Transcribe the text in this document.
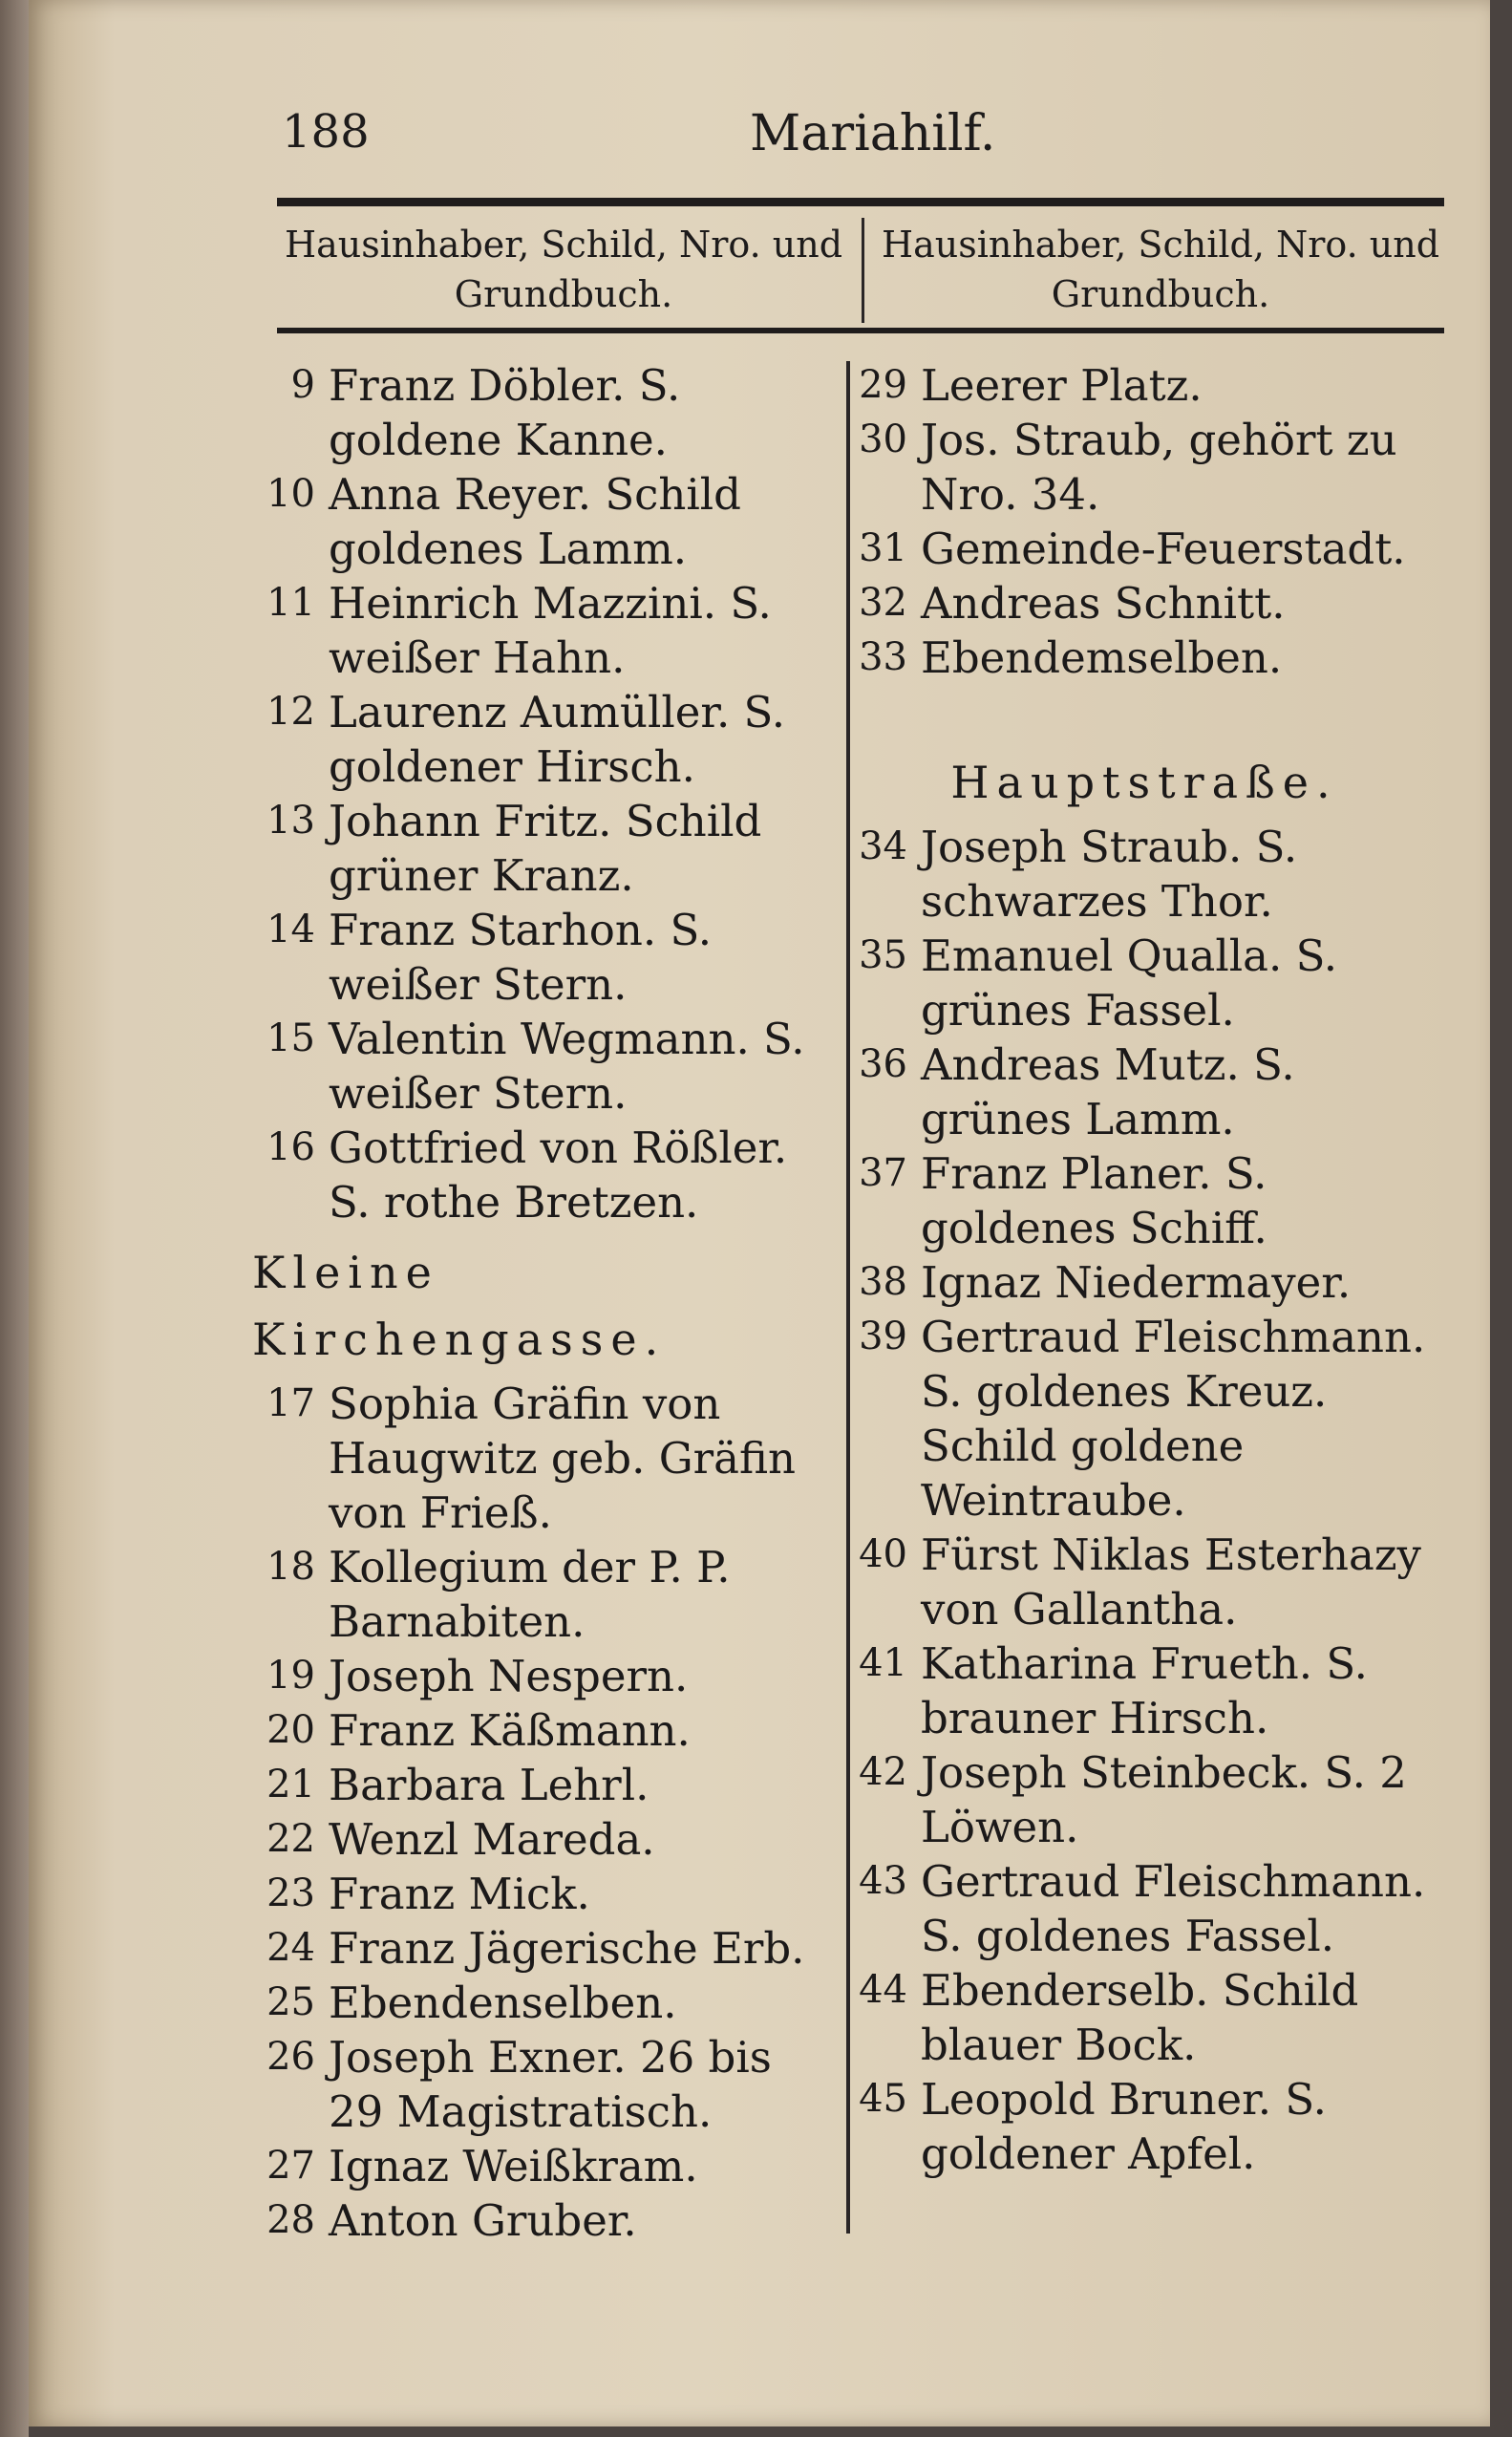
188	Mariahilf.
Hausinhaber, Schild, Nro. und Grundbuch.
Hausinhaber, Schild, Nro. und Grundbuch.
9 Franz Döbler. S. goldene Kanne.
10 Anna Reyer. Schild goldenes Lamm.
11 Heinrich Mazzini. S. weißer Hahn.
12 Laurenz Aumüller. S. goldener Hirsch.
13 Johann Fritz. Schild grüner Kranz.
14 Franz Starhon. S. weißer Stern.
15 Valentin Wegmann. S. weißer Stern.
16 Gottfried von Rößler. S. rothe Bretzen.
Kleine Kirchengasse.
17 Sophia Gräfin von Haugwitz geb. Gräfin von Frieß.
18 Kollegium der P. P. Barnabiten.
19 Joseph Nespern.
20 Franz Käßmann.
21 Barbara Lehrl.
22 Wenzl Mareda.
23 Franz Mick.
24 Franz Jägerische Erb.
25 Ebendenselben.
26 Joseph Exner. 26 bis 29 Magistratisch.
27 Ignaz Weißkram.
28 Anton Gruber.
29 Leerer Platz.
30 Jos. Straub, gehört zu Nro. 34.
31 Gemeinde-Feuerstadt.
32 Andreas Schnitt.
33 Ebendemselben.
Hauptstraße.
34 Joseph Straub. S. schwarzes Thor.
35 Emanuel Qualla. S. grünes Fassel.
36 Andreas Mutz. S. grünes Lamm.
37 Franz Planer. S. goldenes Schiff.
38 Ignaz Niedermayer.
39 Gertraud Fleischmann. S. goldenes Kreuz. Schild goldene Weintraube.
40 Fürst Niklas Esterhazy von Gallantha.
41 Katharina Frueth. S. brauner Hirsch.
42 Joseph Steinbeck. S. 2 Löwen.
43 Gertraud Fleischmann. S. goldenes Fassel.
44 Ebenderselb. Schild blauer Bock.
45 Leopold Bruner. S. goldener Apfel.
